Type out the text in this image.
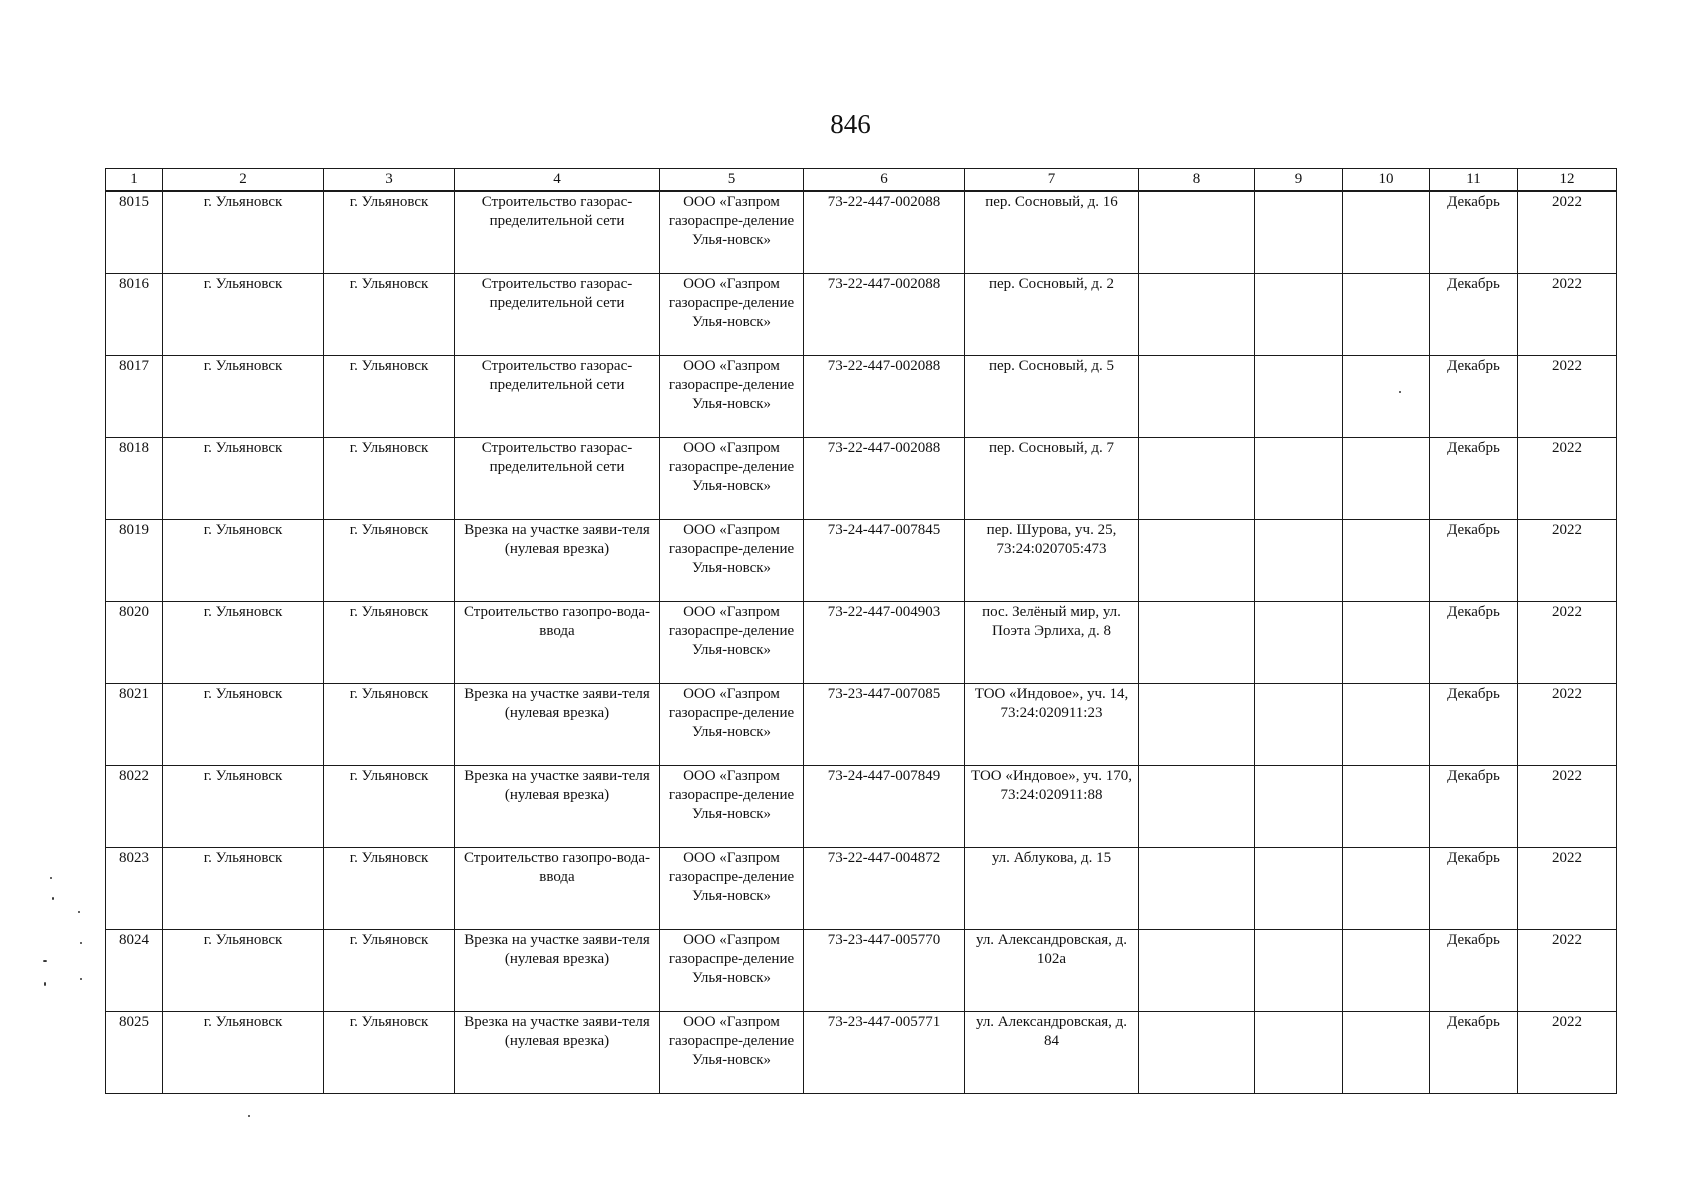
846
1	2	3	4	5	6	7	8	9	10	11	12
8015	г. Ульяновск	г. Ульяновск	Строительство газорас-пределительной сети	ООО «Газпром газораспре-деление Улья-новск»	73-22-447-002088	пер. Сосновый, д. 16				Декабрь	2022
8016	г. Ульяновск	г. Ульяновск	Строительство газорас-пределительной сети	ООО «Газпром газораспре-деление Улья-новск»	73-22-447-002088	пер. Сосновый, д. 2				Декабрь	2022
8017	г. Ульяновск	г. Ульяновск	Строительство газорас-пределительной сети	ООО «Газпром газораспре-деление Улья-новск»	73-22-447-002088	пер. Сосновый, д. 5				Декабрь	2022
8018	г. Ульяновск	г. Ульяновск	Строительство газорас-пределительной сети	ООО «Газпром газораспре-деление Улья-новск»	73-22-447-002088	пер. Сосновый, д. 7				Декабрь	2022
8019	г. Ульяновск	г. Ульяновск	Врезка на участке заяви-теля (нулевая врезка)	ООО «Газпром газораспре-деление Улья-новск»	73-24-447-007845	пер. Шурова, уч. 25, 73:24:020705:473				Декабрь	2022
8020	г. Ульяновск	г. Ульяновск	Строительство газопро-вода-ввода	ООО «Газпром газораспре-деление Улья-новск»	73-22-447-004903	пос. Зелёный мир, ул. Поэта Эрлиха, д. 8				Декабрь	2022
8021	г. Ульяновск	г. Ульяновск	Врезка на участке заяви-теля (нулевая врезка)	ООО «Газпром газораспре-деление Улья-новск»	73-23-447-007085	ТОО «Индовое», уч. 14, 73:24:020911:23				Декабрь	2022
8022	г. Ульяновск	г. Ульяновск	Врезка на участке заяви-теля (нулевая врезка)	ООО «Газпром газораспре-деление Улья-новск»	73-24-447-007849	ТОО «Индовое», уч. 170, 73:24:020911:88				Декабрь	2022
8023	г. Ульяновск	г. Ульяновск	Строительство газопро-вода-ввода	ООО «Газпром газораспре-деление Улья-новск»	73-22-447-004872	ул. Аблукова, д. 15				Декабрь	2022
8024	г. Ульяновск	г. Ульяновск	Врезка на участке заяви-теля (нулевая врезка)	ООО «Газпром газораспре-деление Улья-новск»	73-23-447-005770	ул. Александровская, д. 102а				Декабрь	2022
8025	г. Ульяновск	г. Ульяновск	Врезка на участке заяви-теля (нулевая врезка)	ООО «Газпром газораспре-деление Улья-новск»	73-23-447-005771	ул. Александровская, д. 84				Декабрь	2022
